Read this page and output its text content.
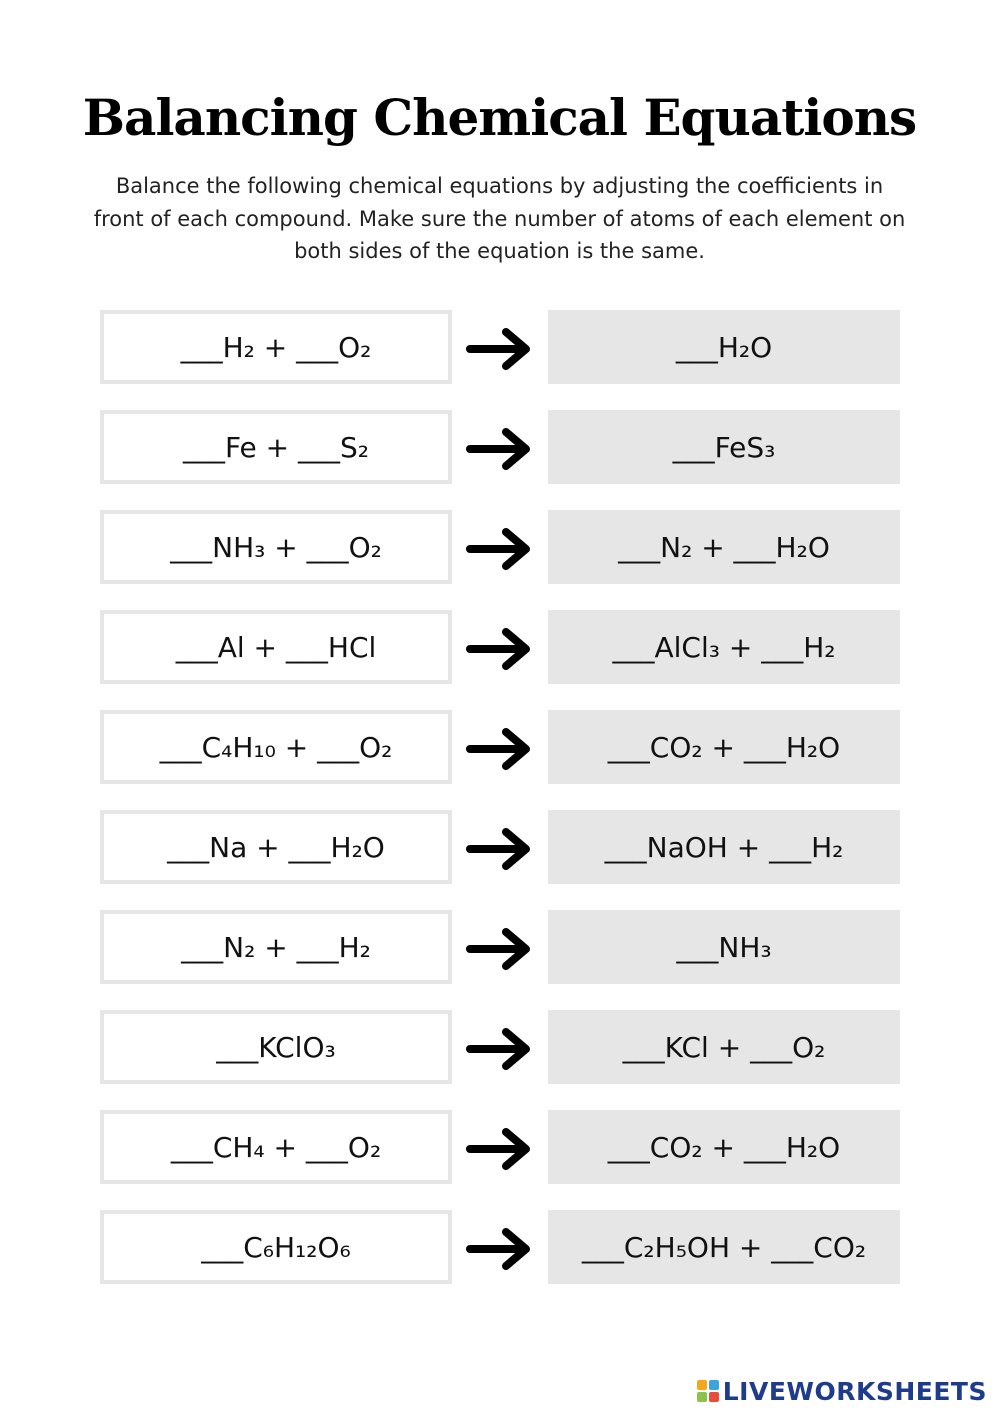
Balancing Chemical Equations

Balance the following chemical equations by adjusting the coefficients in front of each compound. Make sure the number of atoms of each element on both sides of the equation is the same.

___H₂ + ___O₂	___H₂O
___Fe + ___S₂	___FeS₃
___NH₃ + ___O₂	___N₂ + ___H₂O
___Al + ___HCl	___AlCl₃ + ___H₂
___C₄H₁₀ + ___O₂	___CO₂ + ___H₂O
___Na + ___H₂O	___NaOH + ___H₂
___N₂ + ___H₂	___NH₃
___KClO₃	___KCl + ___O₂
___CH₄ + ___O₂	___CO₂ + ___H₂O
___C₆H₁₂O₆	___C₂H₅OH + ___CO₂
LIVEWORKSHEETS
